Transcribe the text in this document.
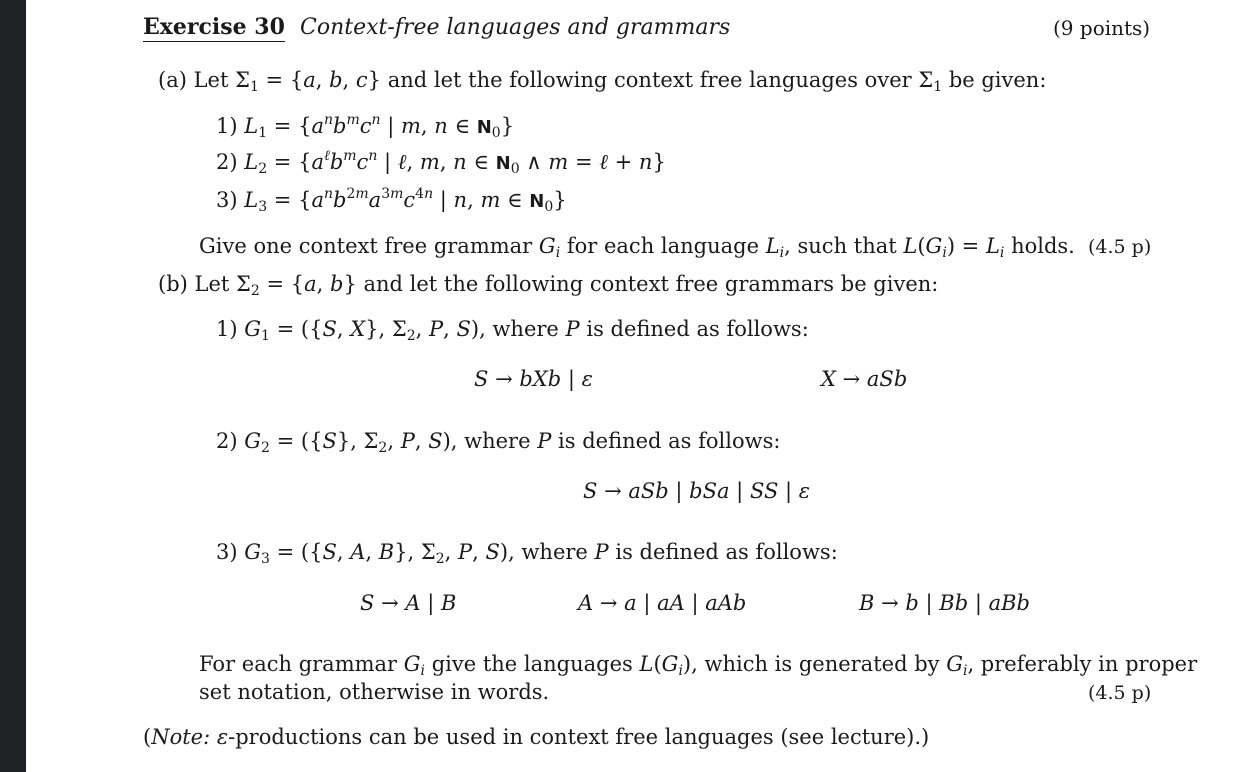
Exercise 30 Context-free languages and grammars	(9 points)
(a) Let $\Sigma_1 = \{a$, b, c} and let the following context free languages over $\Sigma_1$ be given:
1) $L_1 = \{a^nb^mc^n$ | m, n ∈ $N_0$}
2) $L_2 = \{a^\ell b^mc^n$ | ℓ, m, n ∈ $N_0$ ∧ m = ℓ + n}
3) $L_3 = \{a^nb^{2m}a^{3m}c^{4n}$ | n, m ∈ $N_0$}
Give one context free grammar $G_i$ for each language $L_i$, such that $L(G_i) = L_i$ holds. (4.5 p)
(b) Let $\Sigma_2 = \{a$, b} and let the following context free grammars be given:
1) $G_1 = (\{S$, X}, $\Sigma_2$, P, S), where P is defined as follows:
S → bXb | ε	X → aSb
2) $G_2 = (\{S\}$, $\Sigma_2$, P, S), where P is defined as follows:
S → aSb | bSa | SS | ε
3) $G_3 = (\{S$, A, B}, $\Sigma_2$, P, S), where P is defined as follows:
S → A | B	A → a | aA | aAb	B → b | Bb | aBb
For each grammar $G_i$ give the languages $L(G_i)$, which is generated by $G_i$, preferably in proper
set notation, otherwise in words.	(4.5 p)
(Note: ε-productions can be used in context free languages (see lecture).)
